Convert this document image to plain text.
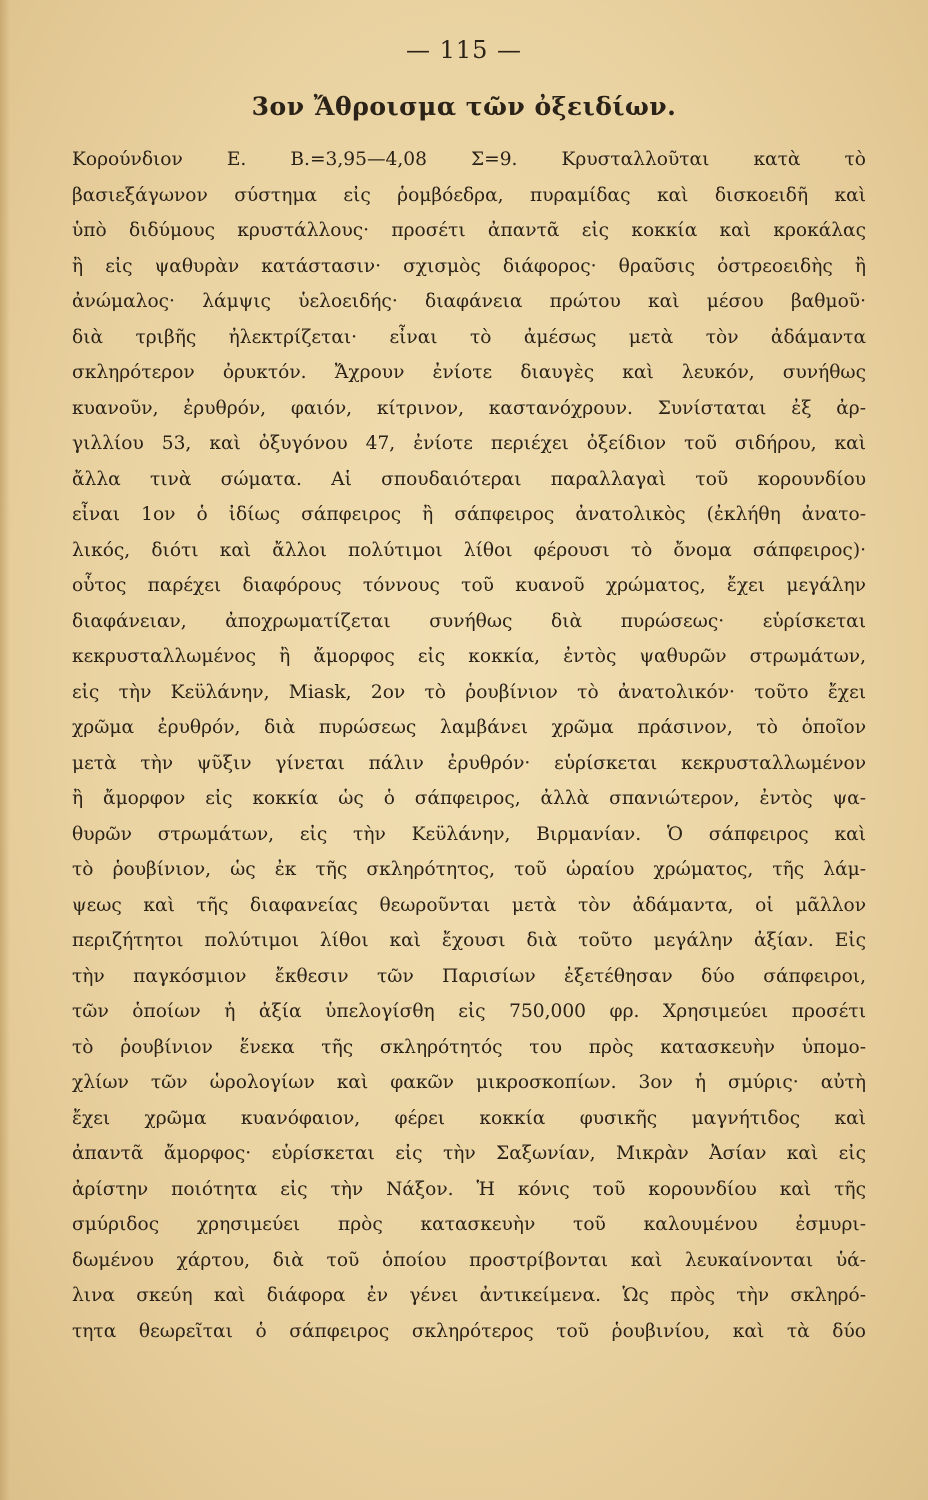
— 115 —
3ον Ἄθροισμα τῶν ὀξειδίων.
Κορούνδιον Ε. Β.=3,95—4,08 Σ=9. Κρυσταλλοῦται κατὰ τὸ
βασιεξάγωνον σύστημα εἰς ῥομβόεδρα, πυραμίδας καὶ δισκοειδῆ καὶ
ὑπὸ διδύμους κρυστάλλους· προσέτι ἀπαντᾶ εἰς κοκκία καὶ κροκάλας
ἢ εἰς ψαθυρὰν κατάστασιν· σχισμὸς διάφορος· θραῦσις ὀστρεοειδὴς ἢ
ἀνώμαλος· λάμψις ὑελοειδής· διαφάνεια πρώτου καὶ μέσου βαθμοῦ·
διὰ τριβῆς ἠλεκτρίζεται· εἶναι τὸ ἀμέσως μετὰ τὸν ἀδάμαντα
σκληρότερον ὀρυκτόν. Ἄχρουν ἐνίοτε διαυγὲς καὶ λευκόν, συνήθως
κυανοῦν, ἐρυθρόν, φαιόν, κίτρινον, καστανόχρουν. Συνίσταται ἐξ ἀρ-
γιλλίου 53, καὶ ὀξυγόνου 47, ἐνίοτε περιέχει ὀξείδιον τοῦ σιδήρου, καὶ
ἄλλα τινὰ σώματα. Αἱ σπουδαιότεραι παραλλαγαὶ τοῦ κορουνδίου
εἶναι 1ον ὁ ἰδίως σάπφειρος ἢ σάπφειρος ἀνατολικὸς (ἐκλήθη ἀνατο-
λικός, διότι καὶ ἄλλοι πολύτιμοι λίθοι φέρουσι τὸ ὄνομα σάπφειρος)·
οὗτος παρέχει διαφόρους τόννους τοῦ κυανοῦ χρώματος, ἔχει μεγάλην
διαφάνειαν, ἀποχρωματίζεται συνήθως διὰ πυρώσεως· εὑρίσκεται
κεκρυσταλλωμένος ἢ ἄμορφος εἰς κοκκία, ἐντὸς ψαθυρῶν στρωμάτων,
εἰς τὴν Κεϋλάνην, Miask, 2ον τὸ ῥουβίνιον τὸ ἀνατολικόν· τοῦτο ἔχει
χρῶμα ἐρυθρόν, διὰ πυρώσεως λαμβάνει χρῶμα πράσινον, τὸ ὁποῖον
μετὰ τὴν ψῦξιν γίνεται πάλιν ἐρυθρόν· εὑρίσκεται κεκρυσταλλωμένον
ἢ ἄμορφον εἰς κοκκία ὡς ὁ σάπφειρος, ἀλλὰ σπανιώτερον, ἐντὸς ψα-
θυρῶν στρωμάτων, εἰς τὴν Κεϋλάνην, Βιρμανίαν. Ὁ σάπφειρος καὶ
τὸ ῥουβίνιον, ὡς ἐκ τῆς σκληρότητος, τοῦ ὡραίου χρώματος, τῆς λάμ-
ψεως καὶ τῆς διαφανείας θεωροῦνται μετὰ τὸν ἀδάμαντα, οἱ μᾶλλον
περιζήτητοι πολύτιμοι λίθοι καὶ ἔχουσι διὰ τοῦτο μεγάλην ἀξίαν. Εἰς
τὴν παγκόσμιον ἔκθεσιν τῶν Παρισίων ἐξετέθησαν δύο σάπφειροι,
τῶν ὁποίων ἡ ἀξία ὑπελογίσθη εἰς 750,000 φρ. Χρησιμεύει προσέτι
τὸ ῥουβίνιον ἕνεκα τῆς σκληρότητός του πρὸς κατασκευὴν ὑπομο-
χλίων τῶν ὡρολογίων καὶ φακῶν μικροσκοπίων. 3ον ἡ σμύρις· αὐτὴ
ἔχει χρῶμα κυανόφαιον, φέρει κοκκία φυσικῆς μαγνήτιδος καὶ
ἀπαντᾶ ἄμορφος· εὑρίσκεται εἰς τὴν Σαξωνίαν, Μικρὰν Ἀσίαν καὶ εἰς
ἀρίστην ποιότητα εἰς τὴν Νάξον. Ἡ κόνις τοῦ κορουνδίου καὶ τῆς
σμύριδος χρησιμεύει πρὸς κατασκευὴν τοῦ καλουμένου ἐσμυρι-
δωμένου χάρτου, διὰ τοῦ ὁποίου προστρίβονται καὶ λευκαίνονται ὑά-
λινα σκεύη καὶ διάφορα ἐν γένει ἀντικείμενα. Ὡς πρὸς τὴν σκληρό-
τητα θεωρεῖται ὁ σάπφειρος σκληρότερος τοῦ ῥουβινίου, καὶ τὰ δύο
